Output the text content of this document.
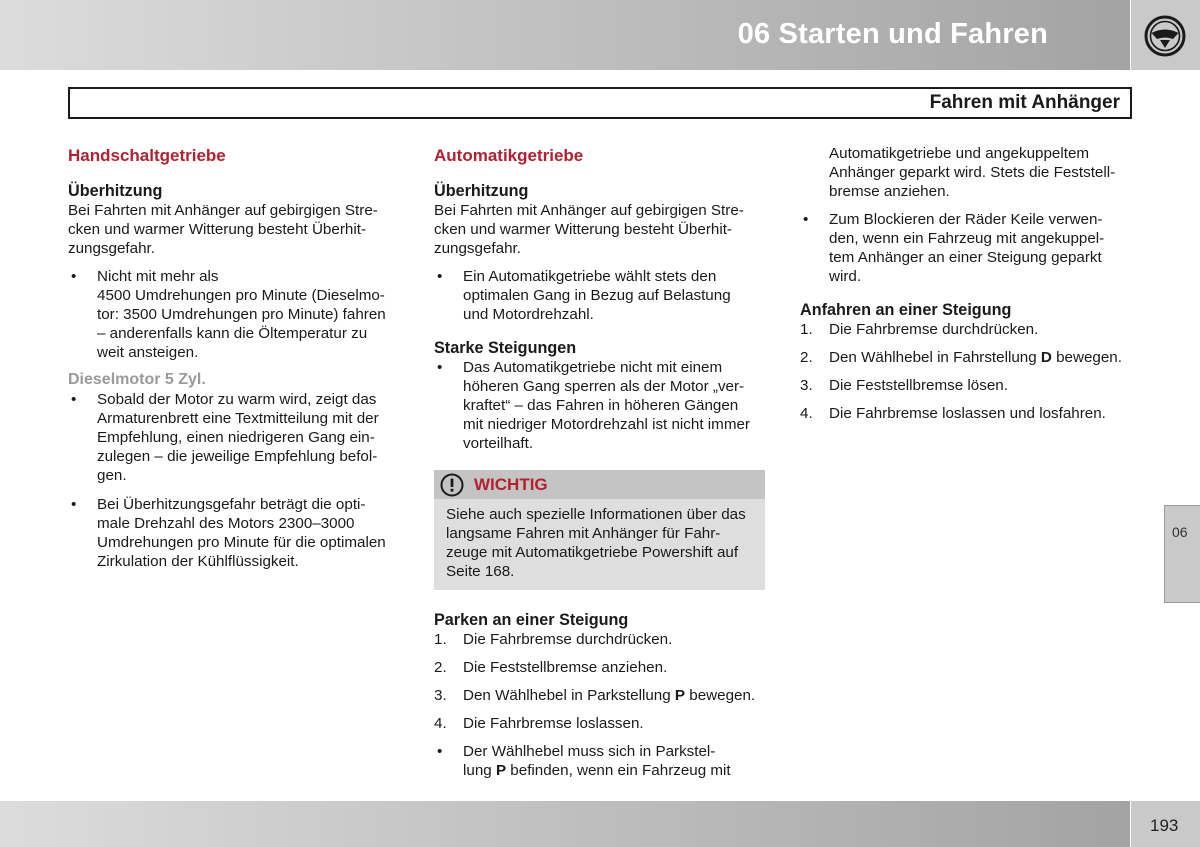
06 Starten und Fahren
Fahren mit Anhänger
Handschaltgetriebe
Überhitzung

Bei Fahrten mit Anhänger auf gebirgigen Stre-
cken und warmer Witterung besteht Überhit-
zungsgefahr.

•	Nicht mit mehr als
4500 Umdrehungen pro Minute (Dieselmo-
tor: 3500 Umdrehungen pro Minute) fahren
– anderenfalls kann die Öltemperatur zu
weit ansteigen.
Dieselmotor 5 Zyl.
•	Sobald der Motor zu warm wird, zeigt das
Armaturenbrett eine Textmitteilung mit der
Empfehlung, einen niedrigeren Gang ein-
zulegen – die jeweilige Empfehlung befol-
gen.
•	Bei Überhitzungsgefahr beträgt die opti-
male Drehzahl des Motors 2300–3000
Umdrehungen pro Minute für die optimalen
Zirkulation der Kühlflüssigkeit.
Automatikgetriebe
Überhitzung

Bei Fahrten mit Anhänger auf gebirgigen Stre-
cken und warmer Witterung besteht Überhit-
zungsgefahr.

•	Ein Automatikgetriebe wählt stets den
optimalen Gang in Bezug auf Belastung
und Motordrehzahl.
Starke Steigungen
•	Das Automatikgetriebe nicht mit einem
höheren Gang sperren als der Motor „ver-
kraftet“ – das Fahren in höheren Gängen
mit niedriger Motordrehzahl ist nicht immer
vorteilhaft.
WICHTIG
Siehe auch spezielle Informationen über das
langsame Fahren mit Anhänger für Fahr-
zeuge mit Automatikgetriebe Powershift auf
Seite 168.
Parken an einer Steigung
1.	Die Fahrbremse durchdrücken.
2.	Die Feststellbremse anziehen.
3.	Den Wählhebel in Parkstellung P bewegen.
4.	Die Fahrbremse loslassen.
•	Der Wählhebel muss sich in Parkstel-
lung P befinden, wenn ein Fahrzeug mit
Automatikgetriebe und angekuppeltem
Anhänger geparkt wird. Stets die Feststell-
bremse anziehen.
•	Zum Blockieren der Räder Keile verwen-
den, wenn ein Fahrzeug mit angekuppel-
tem Anhänger an einer Steigung geparkt
wird.
Anfahren an einer Steigung
1.	Die Fahrbremse durchdrücken.
2.	Den Wählhebel in Fahrstellung D bewegen.
3.	Die Feststellbremse lösen.
4.	Die Fahrbremse loslassen und losfahren.
06
193
